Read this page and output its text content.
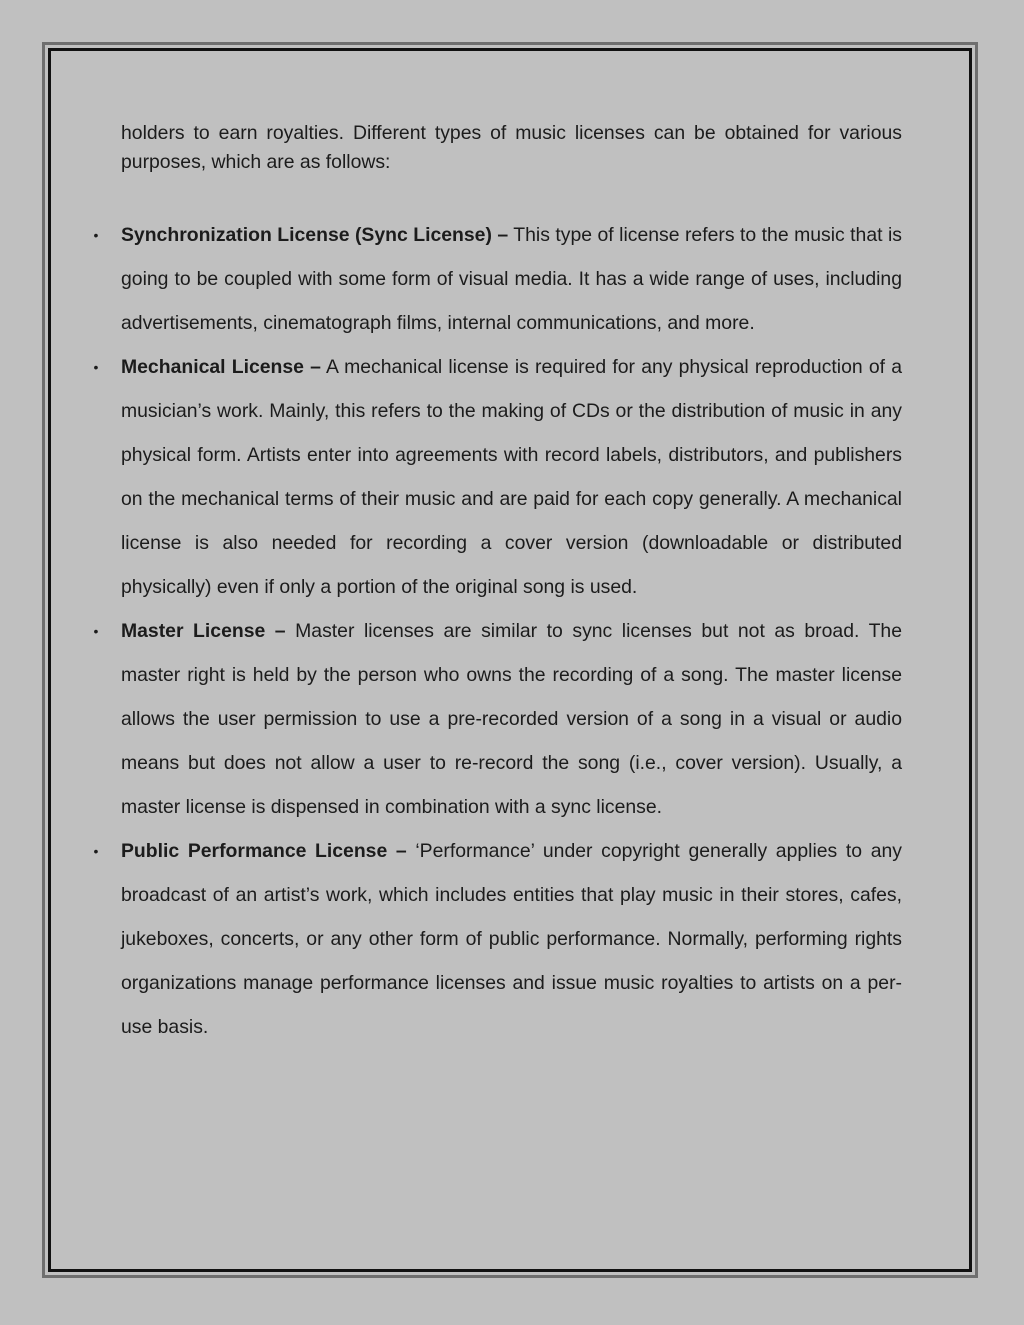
holders to earn royalties. Different types of music licenses can be obtained for various purposes, which are as follows:

• Synchronization License (Sync License) – This type of license refers to the music that is going to be coupled with some form of visual media. It has a wide range of uses, including advertisements, cinematograph films, internal communications, and more.
• Mechanical License – A mechanical license is required for any physical reproduction of a musician’s work. Mainly, this refers to the making of CDs or the distribution of music in any physical form. Artists enter into agreements with record labels, distributors, and publishers on the mechanical terms of their music and are paid for each copy generally. A mechanical license is also needed for recording a cover version (downloadable or distributed physically) even if only a portion of the original song is used.
• Master License – Master licenses are similar to sync licenses but not as broad. The master right is held by the person who owns the recording of a song. The master license allows the user permission to use a pre-recorded version of a song in a visual or audio means but does not allow a user to re-record the song (i.e., cover version). Usually, a master license is dispensed in combination with a sync license.
• Public Performance License – ‘Performance’ under copyright generally applies to any broadcast of an artist’s work, which includes entities that play music in their stores, cafes, jukeboxes, concerts, or any other form of public performance. Normally, performing rights organizations manage performance licenses and issue music royalties to artists on a per-use basis.
